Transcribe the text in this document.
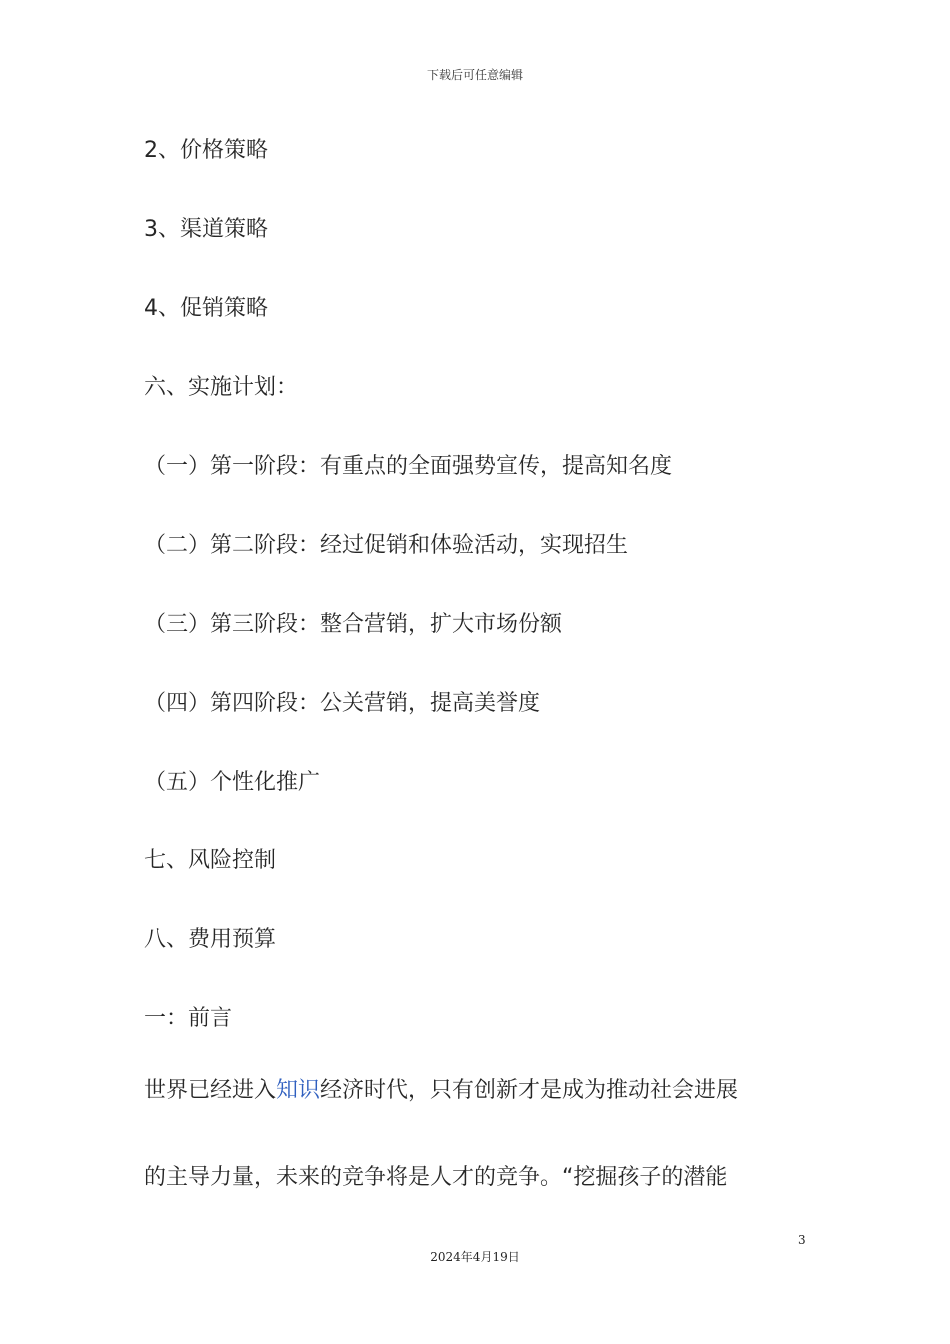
下载后可任意编辑
2、价格策略
3、渠道策略
4、促销策略
六、实施计划：
（一）第一阶段：有重点的全面强势宣传，提高知名度
（二）第二阶段：经过促销和体验活动，实现招生
（三）第三阶段：整合营销，扩大市场份额
（四）第四阶段：公关营销，提高美誉度
（五）个性化推广
七、风险控制
八、费用预算
一：前言
世界已经进入知识经济时代，只有创新才是成为推动社会进展
的主导力量，未来的竞争将是人才的竞争。“挖掘孩子的潜能
3
2024年4月19日
